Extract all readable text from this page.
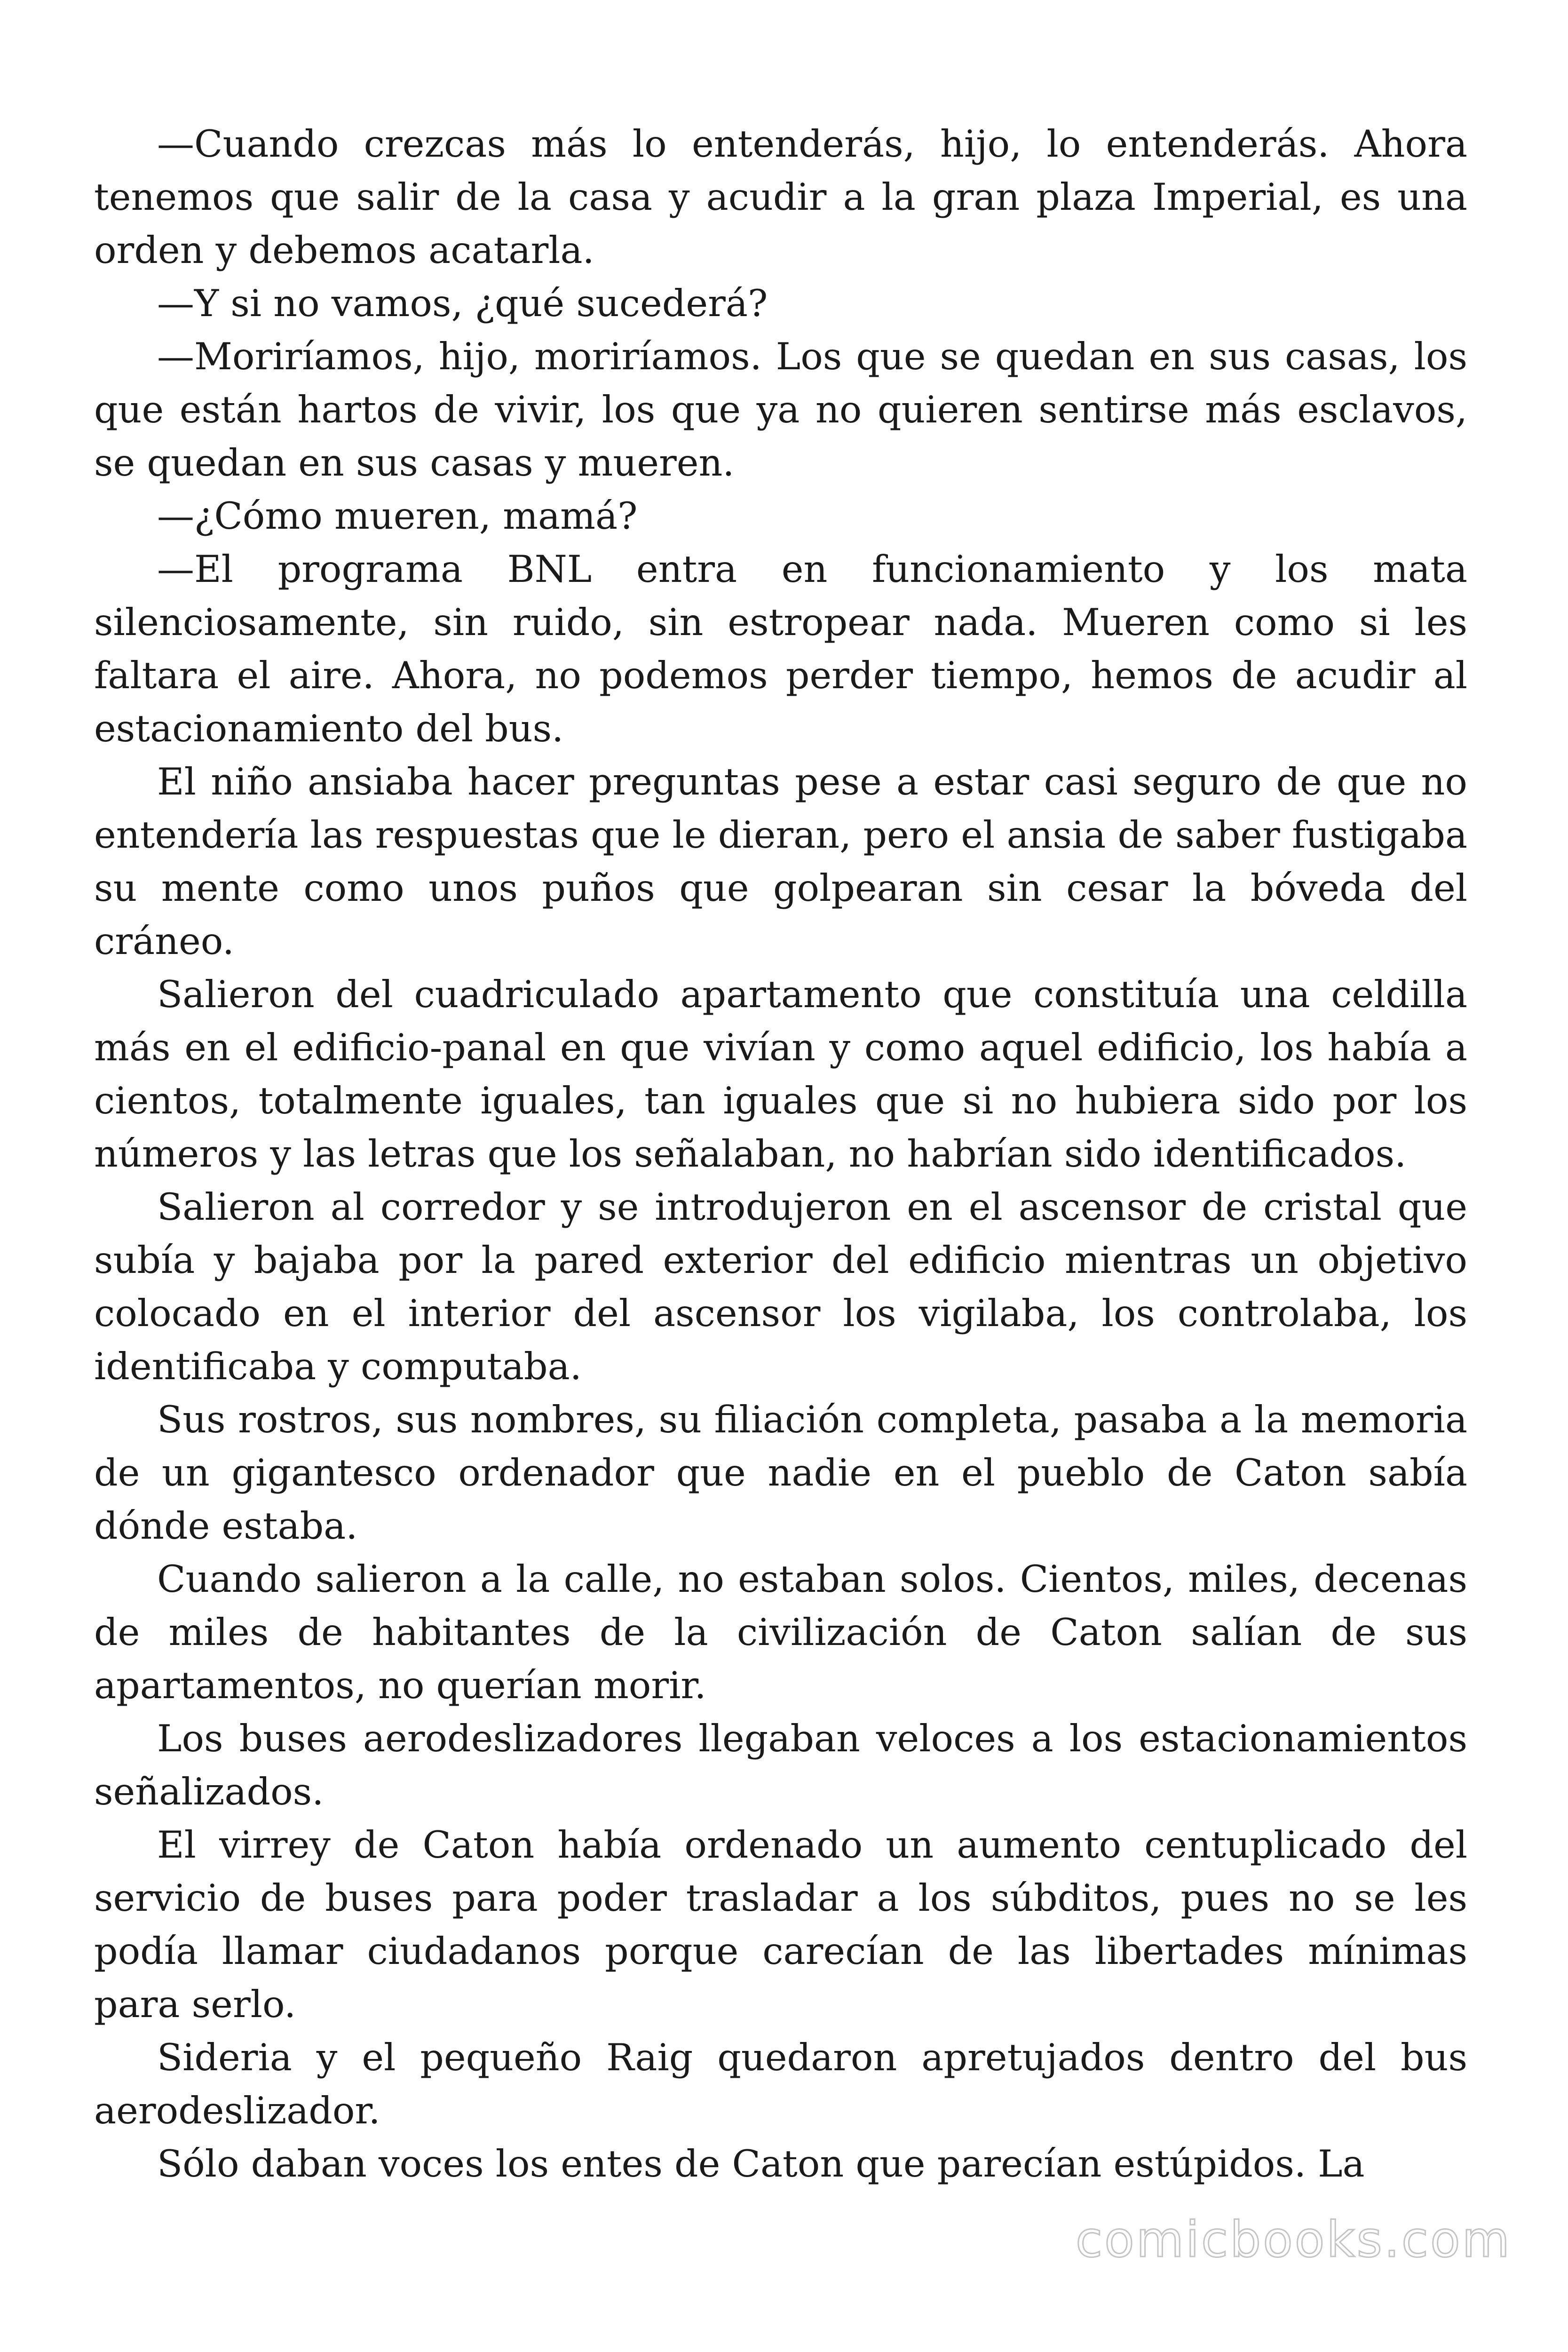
—Cuando crezcas más lo entenderás, hijo, lo entenderás. Ahora tenemos que salir de la casa y acudir a la gran plaza Imperial, es una orden y debemos acatarla.

—Y si no vamos, ¿qué sucederá?

—Moriríamos, hijo, moriríamos. Los que se quedan en sus casas, los que están hartos de vivir, los que ya no quieren sentirse más esclavos, se quedan en sus casas y mueren.

—¿Cómo mueren, mamá?

—El programa BNL entra en funcionamiento y los mata silenciosamente, sin ruido, sin estropear nada. Mueren como si les faltara el aire. Ahora, no podemos perder tiempo, hemos de acudir al estacionamiento del bus.

El niño ansiaba hacer preguntas pese a estar casi seguro de que no entendería las respuestas que le dieran, pero el ansia de saber fustigaba su mente como unos puños que golpearan sin cesar la bóveda del cráneo.

Salieron del cuadriculado apartamento que constituía una celdilla más en el edificio-panal en que vivían y como aquel edificio, los había a cientos, totalmente iguales, tan iguales que si no hubiera sido por los números y las letras que los señalaban, no habrían sido identificados.

Salieron al corredor y se introdujeron en el ascensor de cristal que subía y bajaba por la pared exterior del edificio mientras un objetivo colocado en el interior del ascensor los vigilaba, los controlaba, los identificaba y computaba.

Sus rostros, sus nombres, su filiación completa, pasaba a la memoria de un gigantesco ordenador que nadie en el pueblo de Caton sabía dónde estaba.

Cuando salieron a la calle, no estaban solos. Cientos, miles, decenas de miles de habitantes de la civilización de Caton salían de sus apartamentos, no querían morir.

Los buses aerodeslizadores llegaban veloces a los estacionamientos señalizados.

El virrey de Caton había ordenado un aumento centuplicado del servicio de buses para poder trasladar a los súbditos, pues no se les podía llamar ciudadanos porque carecían de las libertades mínimas para serlo.

Sideria y el pequeño Raig quedaron apretujados dentro del bus aerodeslizador.

Sólo daban voces los entes de Caton que parecían estúpidos. La

comicbooks.com
